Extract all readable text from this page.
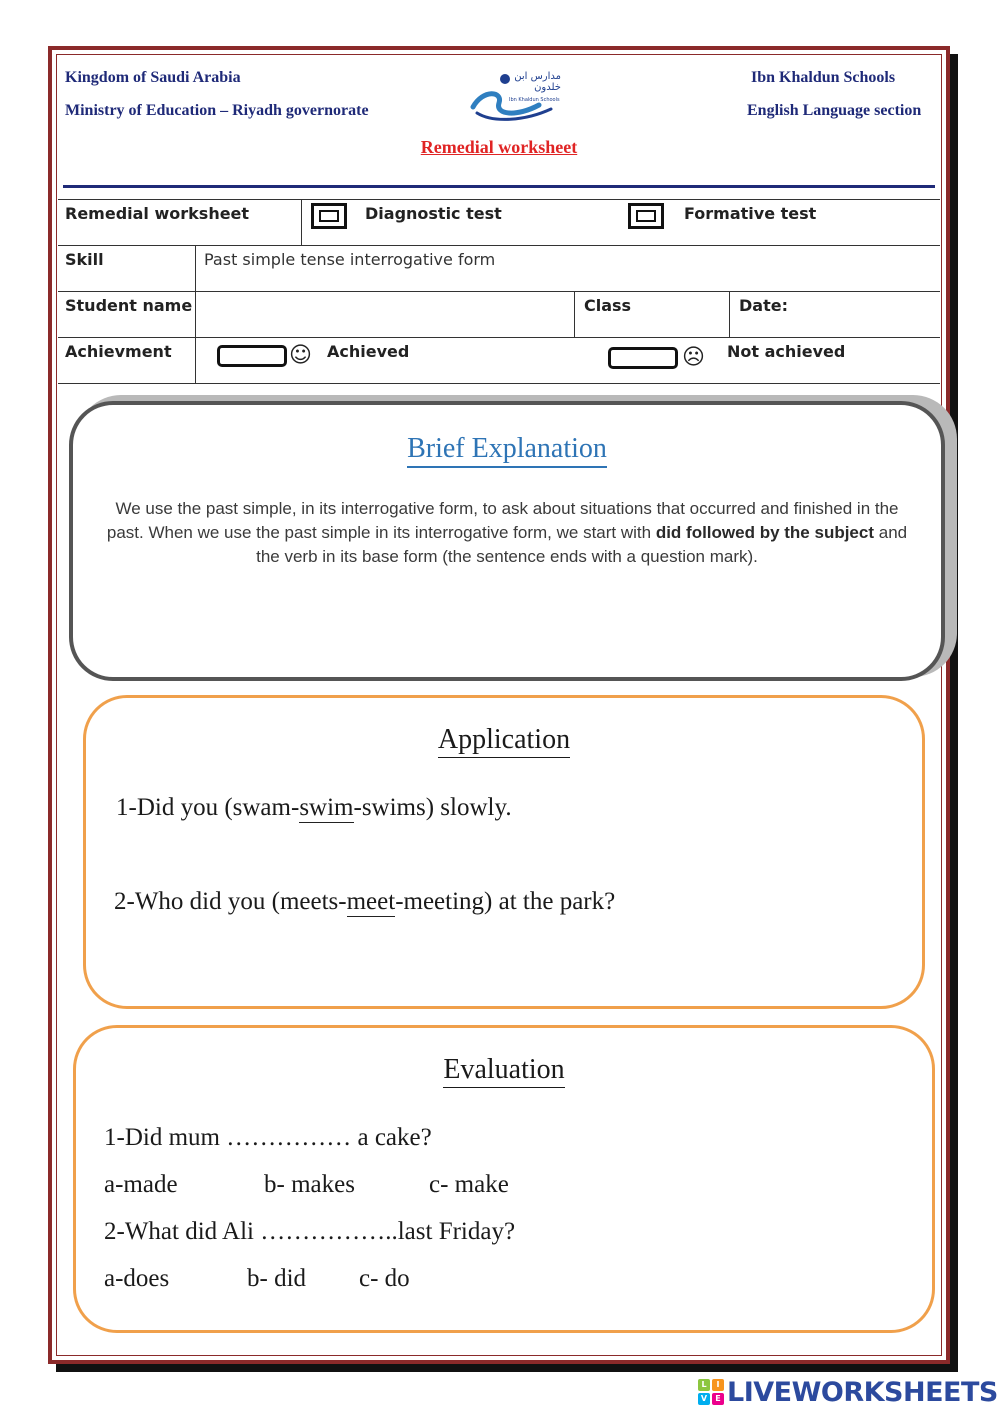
Kingdom of Saudi Arabia
Ministry of Education – Riyadh governorate
Ibn Khaldun Schools
English Language section
مدارس ابن خلدون
Ibn Khaldun Schools
Remedial worksheet
Remedial worksheet	Diagnostic test	Formative test
Skill	Past simple tense interrogative form
Student name	Class	Date:
Achievment	☺ Achieved	☹ Not achieved
Brief Explanation
We use the past simple, in its interrogative form, to ask about situations that occurred and finished in the past. When we use the past simple in its interrogative form, we start with did followed by the subject and the verb in its base form (the sentence ends with a question mark).
Application
1-Did you (swam-swim-swims) slowly.
2-Who did you (meets-meet-meeting) at the park?
Evaluation
1-Did mum …………… a cake?
a-made	b- makes	c- make
2-What did Ali ……………..last Friday?
a-does	b- did c- do
L	I
V	E LIVEWORKSHEETS
